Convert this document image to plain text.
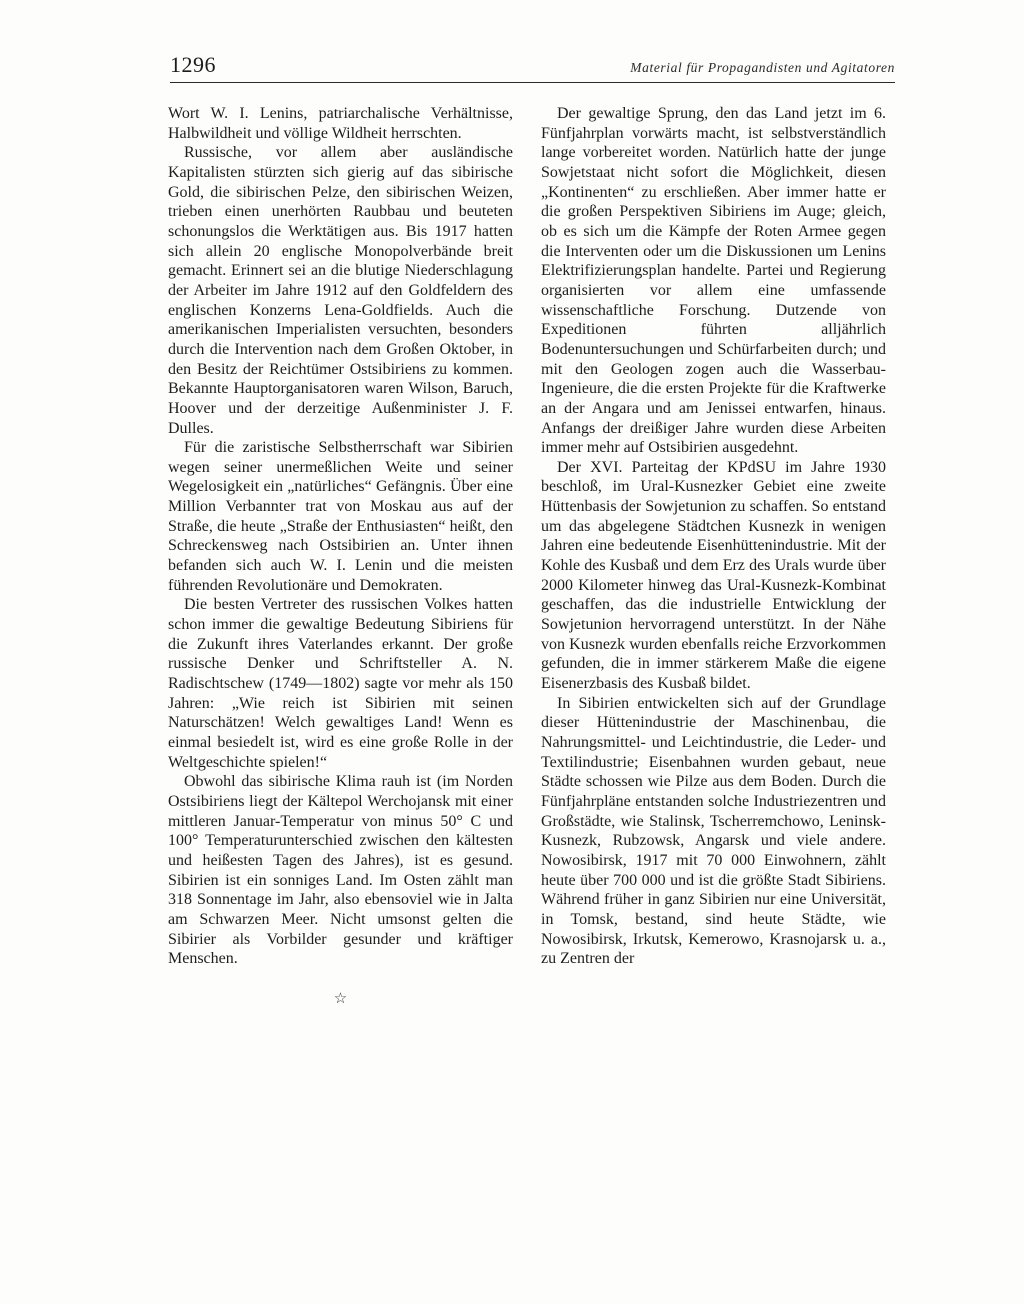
1296	Material für Propagandisten und Agitatoren

Wort W. I. Lenins, patriarchalische Verhältnisse, Halbwildheit und völlige Wildheit herrschten.

Russische, vor allem aber ausländische Kapitalisten stürzten sich gierig auf das sibirische Gold, die sibirischen Pelze, den sibirischen Weizen, trieben einen unerhörten Raubbau und beuteten schonungslos die Werktätigen aus. Bis 1917 hatten sich allein 20 englische Monopolverbände breit gemacht. Erinnert sei an die blutige Niederschlagung der Arbeiter im Jahre 1912 auf den Goldfeldern des englischen Konzerns Lena-Goldfields. Auch die amerikanischen Imperialisten versuchten, besonders durch die Intervention nach dem Großen Oktober, in den Besitz der Reichtümer Ostsibiriens zu kommen. Bekannte Hauptorganisatoren waren Wilson, Baruch, Hoover und der derzeitige Außenminister J. F. Dulles.

Für die zaristische Selbstherrschaft war Sibirien wegen seiner unermeßlichen Weite und seiner Wegelosigkeit ein „natürliches“ Gefängnis. Über eine Million Verbannter trat von Moskau aus auf der Straße, die heute „Straße der Enthusiasten“ heißt, den Schreckensweg nach Ostsibirien an. Unter ihnen befanden sich auch W. I. Lenin und die meisten führenden Revolutionäre und Demokraten.

Die besten Vertreter des russischen Volkes hatten schon immer die gewaltige Bedeutung Sibiriens für die Zukunft ihres Vaterlandes erkannt. Der große russische Denker und Schriftsteller A. N. Radischtschew (1749—1802) sagte vor mehr als 150 Jahren: „Wie reich ist Sibirien mit seinen Naturschätzen! Welch gewaltiges Land! Wenn es einmal besiedelt ist, wird es eine große Rolle in der Weltgeschichte spielen!“

Obwohl das sibirische Klima rauh ist (im Norden Ostsibiriens liegt der Kältepol Werchojansk mit einer mittleren Januar-Temperatur von minus 50° C und 100° Temperaturunterschied zwischen den kältesten und heißesten Tagen des Jahres), ist es gesund. Sibirien ist ein sonniges Land. Im Osten zählt man 318 Sonnentage im Jahr, also ebensoviel wie in Jalta am Schwarzen Meer. Nicht umsonst gelten die Sibirier als Vorbilder gesunder und kräftiger Menschen.

☆

Der gewaltige Sprung, den das Land jetzt im 6. Fünfjahrplan vorwärts macht, ist selbstverständlich lange vorbereitet worden. Natürlich hatte der junge Sowjetstaat nicht sofort die Möglichkeit, diesen „Kontinenten“ zu erschließen. Aber immer hatte er die großen Perspektiven Sibiriens im Auge; gleich, ob es sich um die Kämpfe der Roten Armee gegen die Interventen oder um die Diskussionen um Lenins Elektrifizierungsplan handelte. Partei und Regierung organisierten vor allem eine umfassende wissenschaftliche Forschung. Dutzende von Expeditionen führten alljährlich Bodenuntersuchungen und Schürfarbeiten durch; und mit den Geologen zogen auch die Wasserbau-Ingenieure, die die ersten Projekte für die Kraftwerke an der Angara und am Jenissei entwarfen, hinaus. Anfangs der dreißiger Jahre wurden diese Arbeiten immer mehr auf Ostsibirien ausgedehnt.

Der XVI. Parteitag der KPdSU im Jahre 1930 beschloß, im Ural-Kusnezker Gebiet eine zweite Hüttenbasis der Sowjetunion zu schaffen. So entstand um das abgelegene Städtchen Kusnezk in wenigen Jahren eine bedeutende Eisenhüttenindustrie. Mit der Kohle des Kusbaß und dem Erz des Urals wurde über 2000 Kilometer hinweg das Ural-Kusnezk-Kombinat geschaffen, das die industrielle Entwicklung der Sowjetunion hervorragend unterstützt. In der Nähe von Kusnezk wurden ebenfalls reiche Erzvorkommen gefunden, die in immer stärkerem Maße die eigene Eisenerzbasis des Kusbaß bildet.

In Sibirien entwickelten sich auf der Grundlage dieser Hüttenindustrie der Maschinenbau, die Nahrungsmittel- und Leichtindustrie, die Leder- und Textilindustrie; Eisenbahnen wurden gebaut, neue Städte schossen wie Pilze aus dem Boden. Durch die Fünfjahrpläne entstanden solche Industriezentren und Großstädte, wie Stalinsk, Tscherremchowo, Leninsk-Kusnezk, Rubzowsk, Angarsk und viele andere. Nowosibirsk, 1917 mit 70 000 Einwohnern, zählt heute über 700 000 und ist die größte Stadt Sibiriens. Während früher in ganz Sibirien nur eine Universität, in Tomsk, bestand, sind heute Städte, wie Nowosibirsk, Irkutsk, Kemerowo, Krasnojarsk u. a., zu Zentren der
